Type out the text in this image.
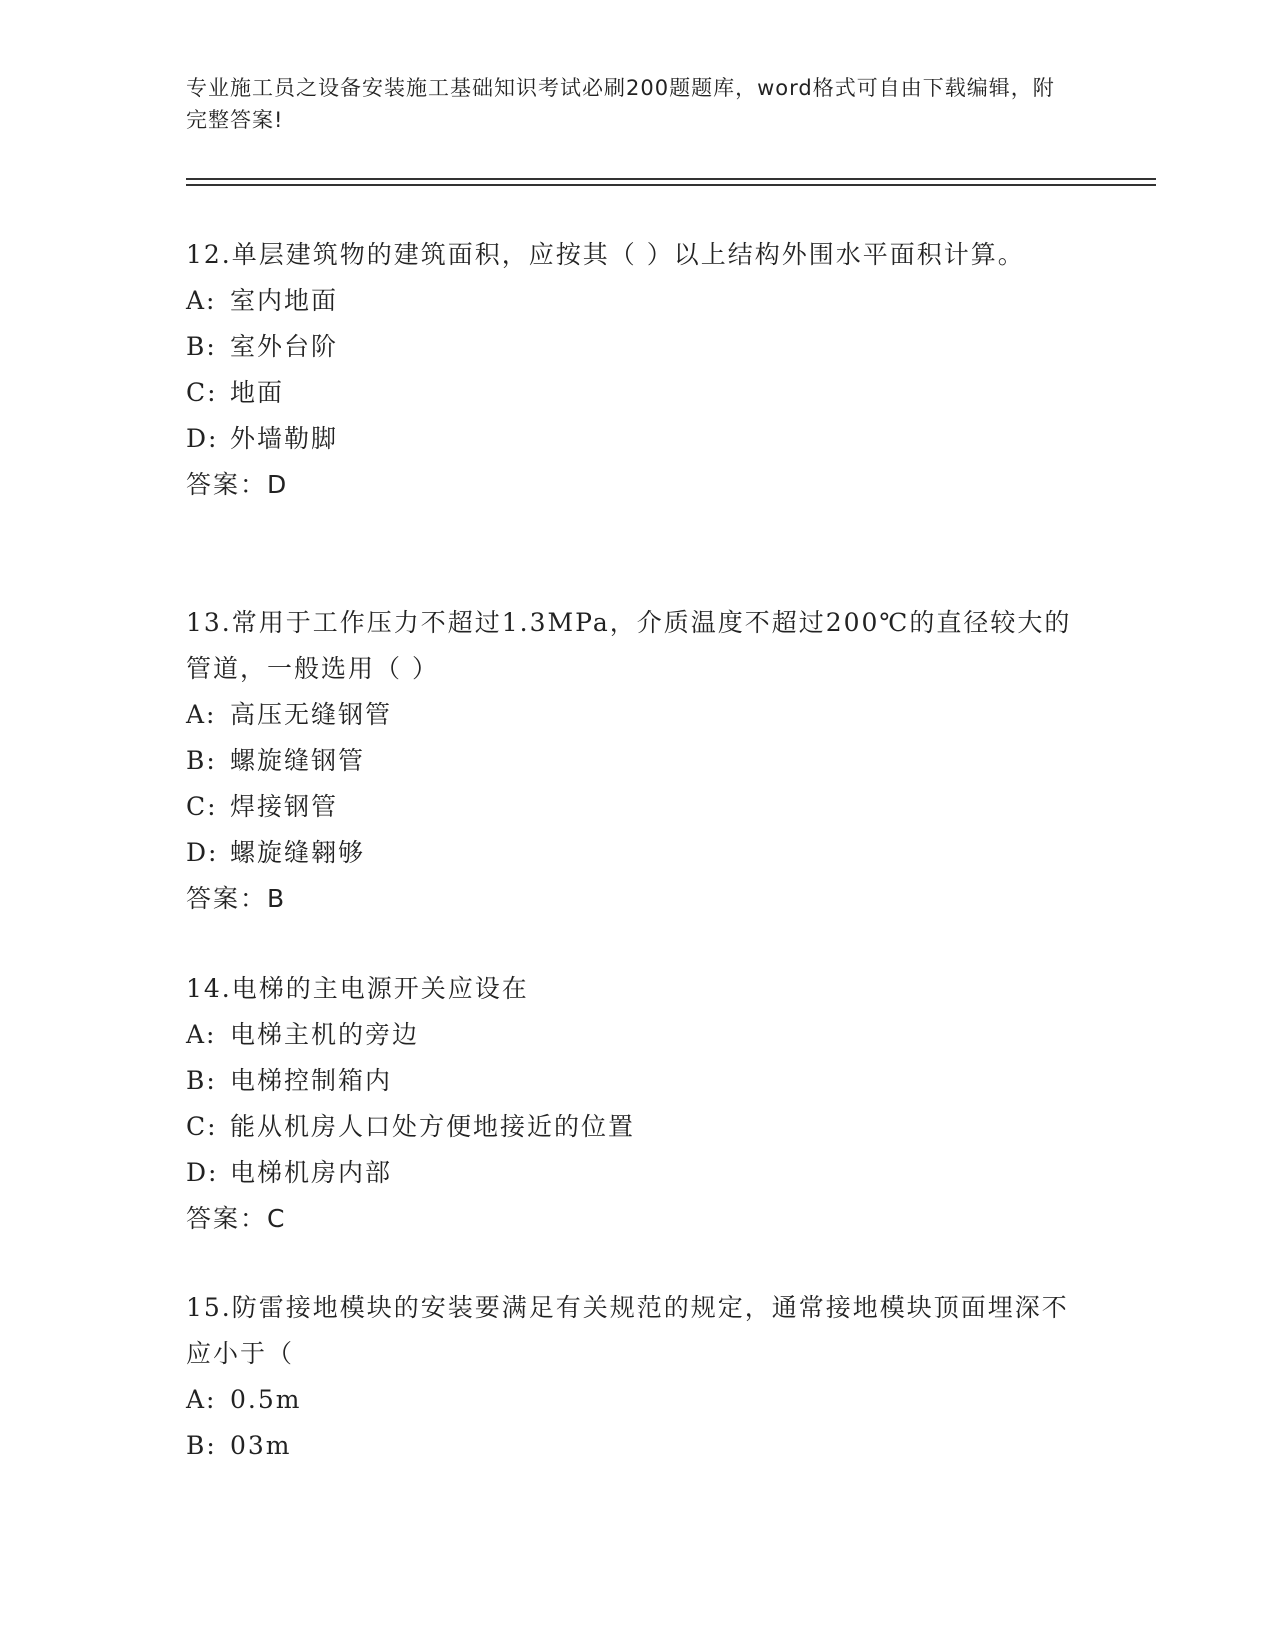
专业施工员之设备安装施工基础知识考试必刷200题题库，word格式可自由下载编辑，附完整答案!

12.单层建筑物的建筑面积，应按其（ ）以上结构外围水平面积计算。

A: 室内地面
B: 室外台阶
C: 地面
D: 外墙勒脚
答案：D

13.常用于工作压力不超过1.3MPa，介质温度不超过200℃的直径较大的管道，一般选用（ ）

A: 高压无缝钢管
B: 螺旋缝钢管
C: 焊接钢管
D: 螺旋缝翱够
答案：B

14.电梯的主电源开关应设在

A: 电梯主机的旁边
B: 电梯控制箱内
C: 能从机房人口处方便地接近的位置
D: 电梯机房内部
答案：C

15.防雷接地模块的安装要满足有关规范的规定，通常接地模块顶面埋深不应小于（

A: 0.5m
B: 03m
